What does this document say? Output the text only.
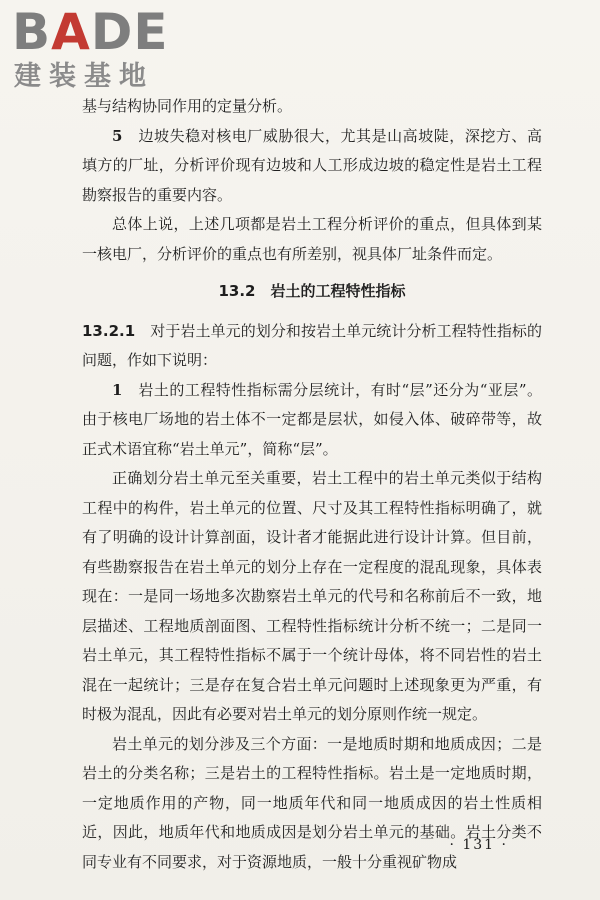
BADE
建装基地

基与结构协同作用的定量分析。

5　 边坡失稳对核电厂威胁很大，尤其是山高坡陡，深挖方、高填方的厂址，分析评价现有边坡和人工形成边坡的稳定性是岩土工程勘察报告的重要内容。

总体上说，上述几项都是岩土工程分析评价的重点，但具体到某一核电厂，分析评价的重点也有所差别，视具体厂址条件而定。

13.2　岩土的工程特性指标

13.2.1　 对于岩土单元的划分和按岩土单元统计分析工程特性指标的问题，作如下说明：

1　 岩土的工程特性指标需分层统计，有时“层”还分为“亚层”。由于核电厂场地的岩土体不一定都是层状，如侵入体、破碎带等，故正式术语宜称“岩土单元”，简称“层”。

正确划分岩土单元至关重要，岩土工程中的岩土单元类似于结构工程中的构件，岩土单元的位置、尺寸及其工程特性指标明确了，就有了明确的设计计算剖面，设计者才能据此进行设计计算。但目前，有些勘察报告在岩土单元的划分上存在一定程度的混乱现象，具体表现在：一是同一场地多次勘察岩土单元的代号和名称前后不一致，地层描述、工程地质剖面图、工程特性指标统计分析不统一；二是同一岩土单元，其工程特性指标不属于一个统计母体，将不同岩性的岩土混在一起统计；三是存在复合岩土单元问题时上述现象更为严重，有时极为混乱，因此有必要对岩土单元的划分原则作统一规定。

岩土单元的划分涉及三个方面：一是地质时期和地质成因；二是岩土的分类名称；三是岩土的工程特性指标。岩土是一定地质时期，一定地质作用的产物，同一地质年代和同一地质成因的岩土性质相近，因此，地质年代和地质成因是划分岩土单元的基础。岩土分类不同专业有不同要求，对于资源地质，一般十分重视矿物成

· 131 ·
